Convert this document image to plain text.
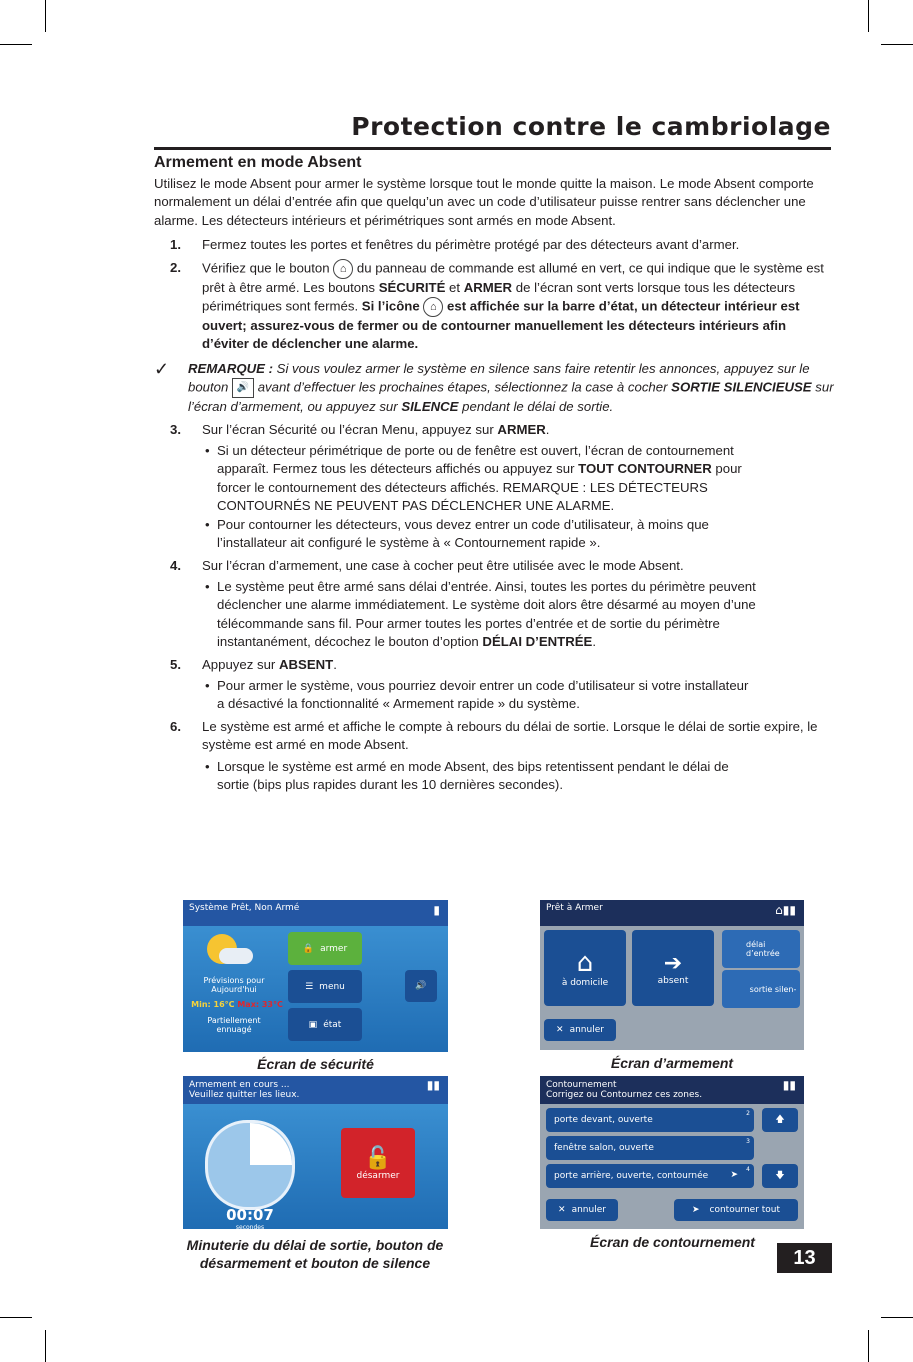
Protection contre le cambriolage
Armement en mode Absent
Utilisez le mode Absent pour armer le système lorsque tout le monde quitte la maison. Le mode Absent comporte normalement un délai d’entrée afin que quelqu’un avec un code d’utilisateur puisse rentrer sans déclencher une alarme. Les détecteurs intérieurs et périmétriques sont armés en mode Absent.
1. Fermez toutes les portes et fenêtres du périmètre protégé par des détecteurs avant d’armer.
2. Vérifiez que le bouton ⌂ du panneau de commande est allumé en vert, ce qui indique que le système est prêt à être armé. Les boutons SÉCURITÉ et ARMER de l’écran sont verts lorsque tous les détecteurs périmétriques sont fermés. Si l’icône ⌂ est affichée sur la barre d’état, un détecteur intérieur est ouvert; assurez-vous de fermer ou de contourner manuellement les détecteurs intérieurs afin d’éviter de déclencher une alarme.
✓ REMARQUE : Si vous voulez armer le système en silence sans faire retentir les annonces, appuyez sur le bouton 🔊 avant d’effectuer les prochaines étapes, sélectionnez la case à cocher SORTIE SILENCIEUSE sur l’écran d’armement, ou appuyez sur SILENCE pendant le délai de sortie.
3. Sur l’écran Sécurité ou l’écran Menu, appuyez sur ARMER.
• Si un détecteur périmétrique de porte ou de fenêtre est ouvert, l’écran de contournement apparaît. Fermez tous les détecteurs affichés ou appuyez sur TOUT CONTOURNER pour forcer le contournement des détecteurs affichés. REMARQUE : LES DÉTECTEURS CONTOURNÉS NE PEUVENT PAS DÉCLENCHER UNE ALARME.
• Pour contourner les détecteurs, vous devez entrer un code d’utilisateur, à moins que l’installateur ait configuré le système à « Contournement rapide ».
4. Sur l’écran d’armement, une case à cocher peut être utilisée avec le mode Absent.
• Le système peut être armé sans délai d’entrée. Ainsi, toutes les portes du périmètre peuvent déclencher une alarme immédiatement. Le système doit alors être désarmé au moyen d’une télécommande sans fil. Pour armer toutes les portes d’entrée et de sortie du périmètre instantanément, décochez le bouton d’option DÉLAI D’ENTRÉE.
5. Appuyez sur ABSENT.
• Pour armer le système, vous pourriez devoir entrer un code d’utilisateur si votre installateur a désactivé la fonctionnalité « Armement rapide » du système.
6. Le système est armé et affiche le compte à rebours du délai de sortie. Lorsque le délai de sortie expire, le système est armé en mode Absent.
• Lorsque le système est armé en mode Absent, des bips retentissent pendant le délai de sortie (bips plus rapides durant les 10 dernières secondes).
Système Prêt, Non Armé	▮
Prévisions pour Aujourd'hui
Min: 16°C Max: 33°C
Partiellement ennuagé
🔒 armer
☰ menu
▣ état
🔊
Écran de sécurité
Prêt à Armer	⌂▮▮
⌂
à domicile
➔
absent
délai d’entrée
sortie silen-
✕ annuler
Écran d’armement
Armement en cours ...
Veuillez quitter les lieux.
▮▮
00:07
secondes
🔓
désarmer
Minuterie du délai de sortie, bouton de désarmement et bouton de silence
Contournement
Corrigez ou Contournez ces zones.
▮▮
porte devant, ouverte
2
fenêtre salon, ouverte
3
porte arrière, ouverte, contournée ➤
4
🡅
🡇
✕ annuler	➤ contourner tout
Écran de contournement
13
